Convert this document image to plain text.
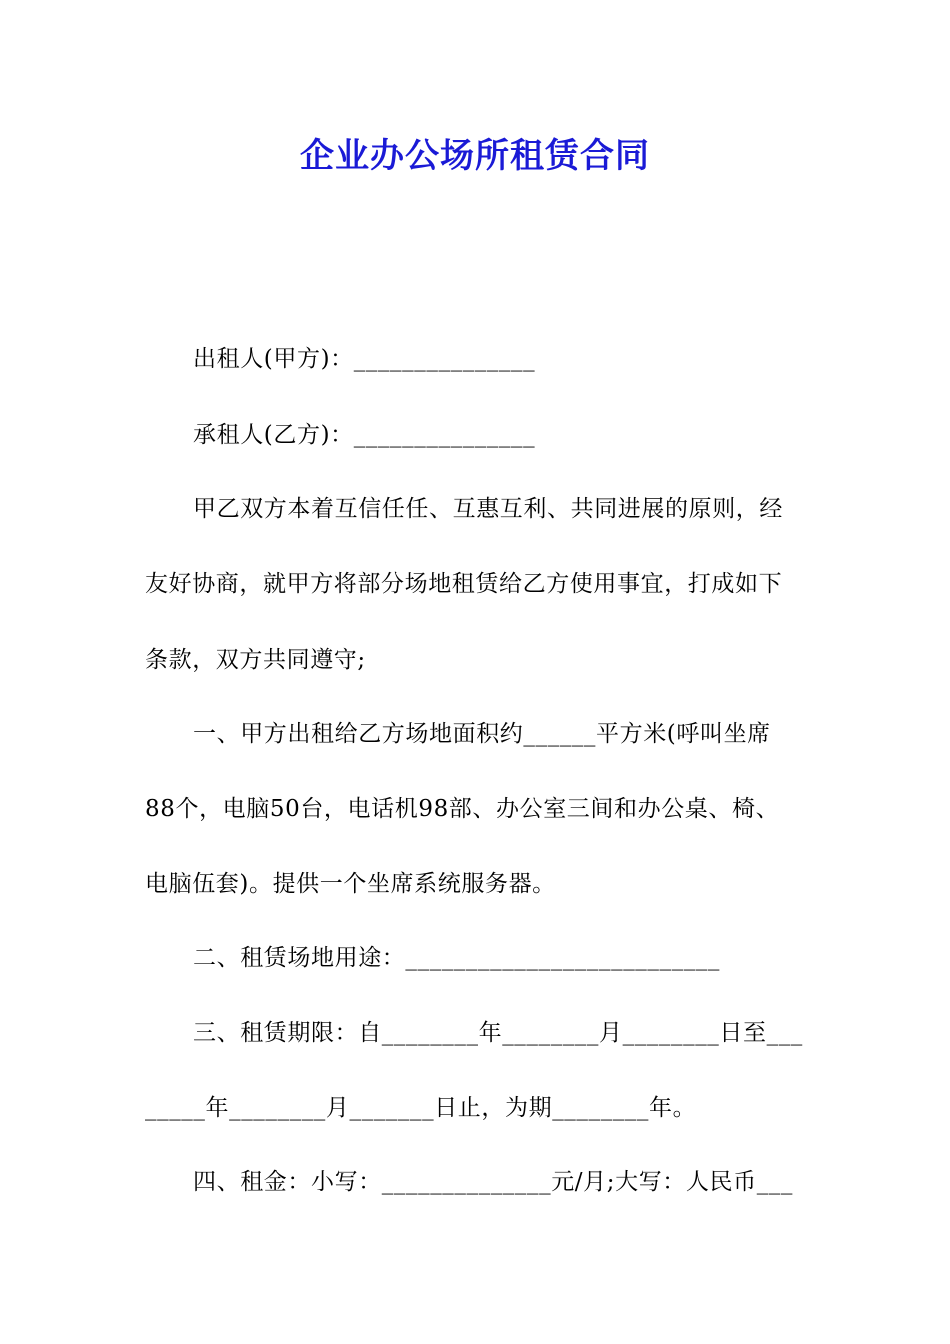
企业办公场所租赁合同
出租人(甲方)：_______________
承租人(乙方)：_______________
甲乙双方本着互信任任、互惠互利、共同进展的原则，经
友好协商，就甲方将部分场地租赁给乙方使用事宜，打成如下
条款，双方共同遵守;
一、甲方出租给乙方场地面积约______平方米(呼叫坐席
88个，电脑50台，电话机98部、办公室三间和办公桌、椅、
电脑伍套)。提供一个坐席系统服务器。
二、租赁场地用途：__________________________
三、租赁期限：自________年________月________日至___
_____年________月_______日止，为期________年。
四、租金：小写：______________元/月;大写：人民币___
